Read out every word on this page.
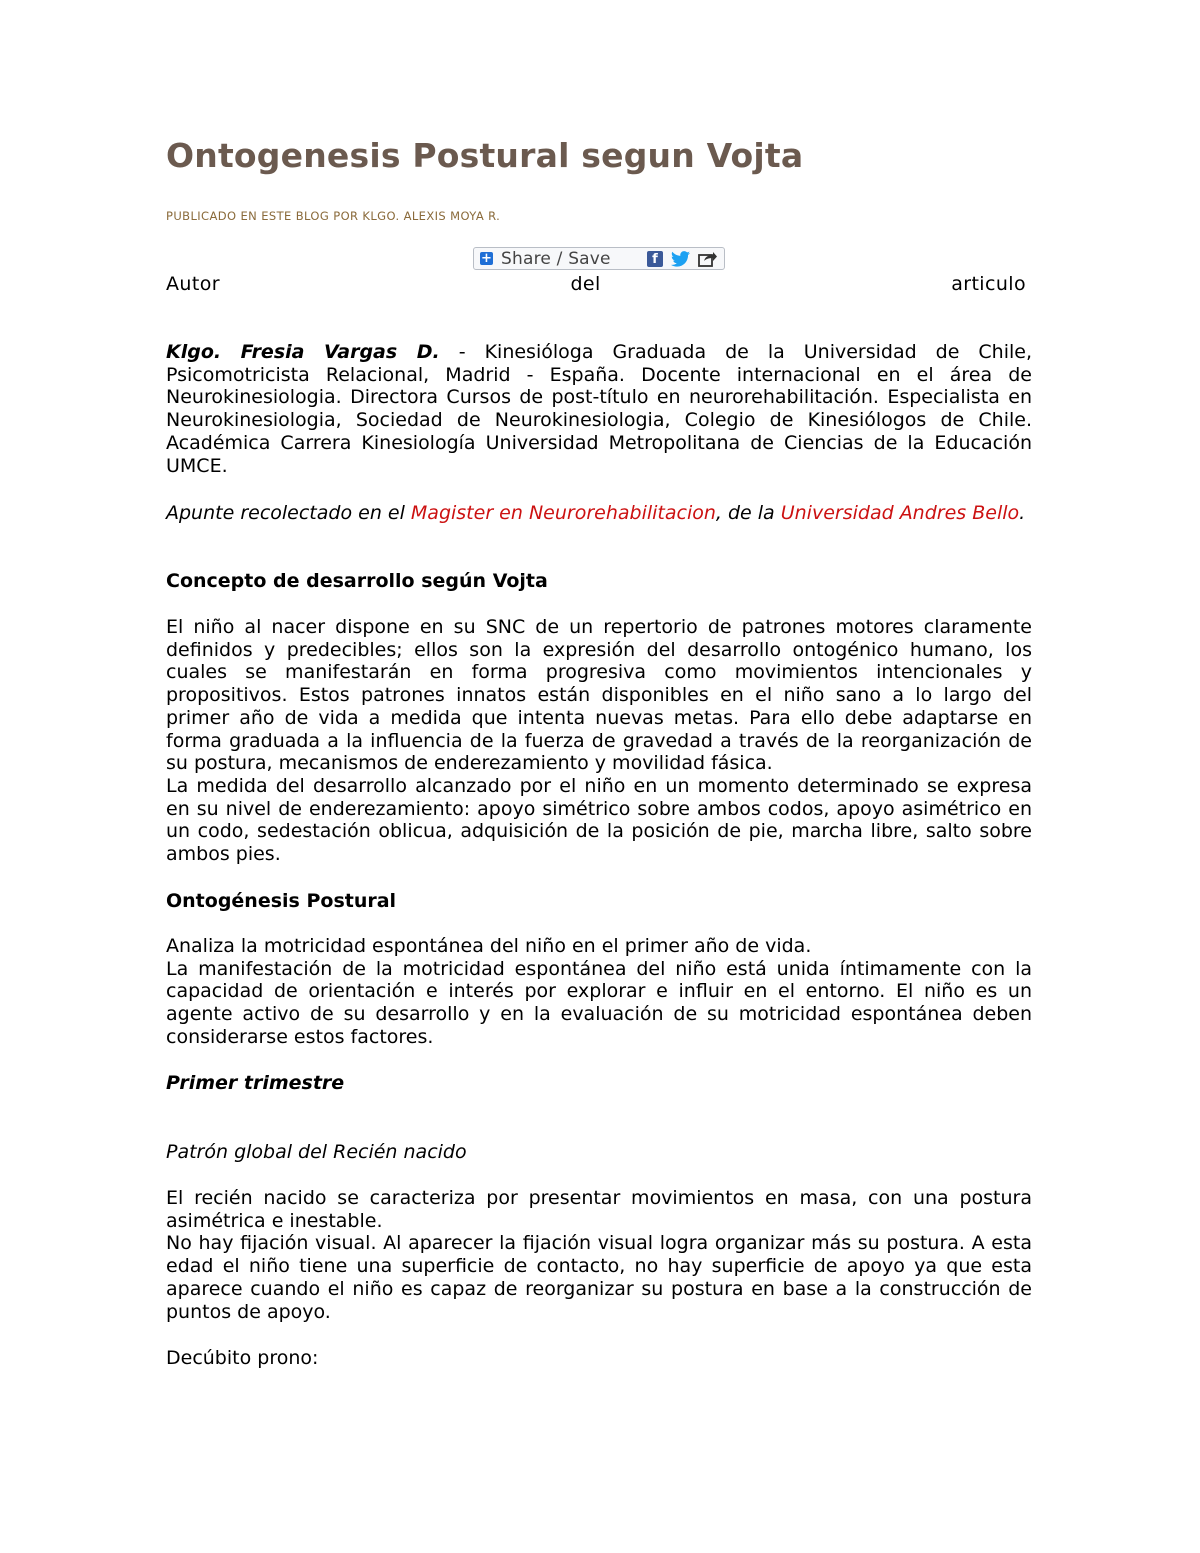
Ontogenesis Postural segun Vojta
PUBLICADO EN ESTE BLOG POR KLGO. ALEXIS MOYA R.
+ Share / Save	f
Autor	del	articulo

Klgo. Fresia Vargas D. - Kinesióloga Graduada de la Universidad de Chile, Psicomotricista Relacional, Madrid - España. Docente internacional en el área de Neurokinesiologia. Directora Cursos de post-título en neurorehabilitación. Especialista en Neurokinesiologia, Sociedad de Neurokinesiologia, Colegio de Kinesiólogos de Chile. Académica Carrera Kinesiología Universidad Metropolitana de Ciencias de la Educación UMCE.

Apunte recolectado en el Magister en Neurorehabilitacion, de la Universidad Andres Bello.

Concepto de desarrollo según Vojta

El niño al nacer dispone en su SNC de un repertorio de patrones motores claramente definidos y predecibles; ellos son la expresión del desarrollo ontogénico humano, los cuales se manifestarán en forma progresiva como movimientos intencionales y propositivos. Estos patrones innatos están disponibles en el niño sano a lo largo del primer año de vida a medida que intenta nuevas metas. Para ello debe adaptarse en forma graduada a la influencia de la fuerza de gravedad a través de la reorganización de su postura, mecanismos de enderezamiento y movilidad fásica.

La medida del desarrollo alcanzado por el niño en un momento determinado se expresa en su nivel de enderezamiento: apoyo simétrico sobre ambos codos, apoyo asimétrico en un codo, sedestación oblicua, adquisición de la posición de pie, marcha libre, salto sobre ambos pies.

Ontogénesis Postural

Analiza la motricidad espontánea del niño en el primer año de vida.

La manifestación de la motricidad espontánea del niño está unida íntimamente con la capacidad de orientación e interés por explorar e influir en el entorno. El niño es un agente activo de su desarrollo y en la evaluación de su motricidad espontánea deben considerarse estos factores.

Primer trimestre
Patrón global del Recién nacido

El recién nacido se caracteriza por presentar movimientos en masa, con una postura asimétrica e inestable.

No hay fijación visual. Al aparecer la fijación visual logra organizar más su postura. A esta edad el niño tiene una superficie de contacto, no hay superficie de apoyo ya que esta aparece cuando el niño es capaz de reorganizar su postura en base a la construcción de puntos de apoyo.

Decúbito prono:
